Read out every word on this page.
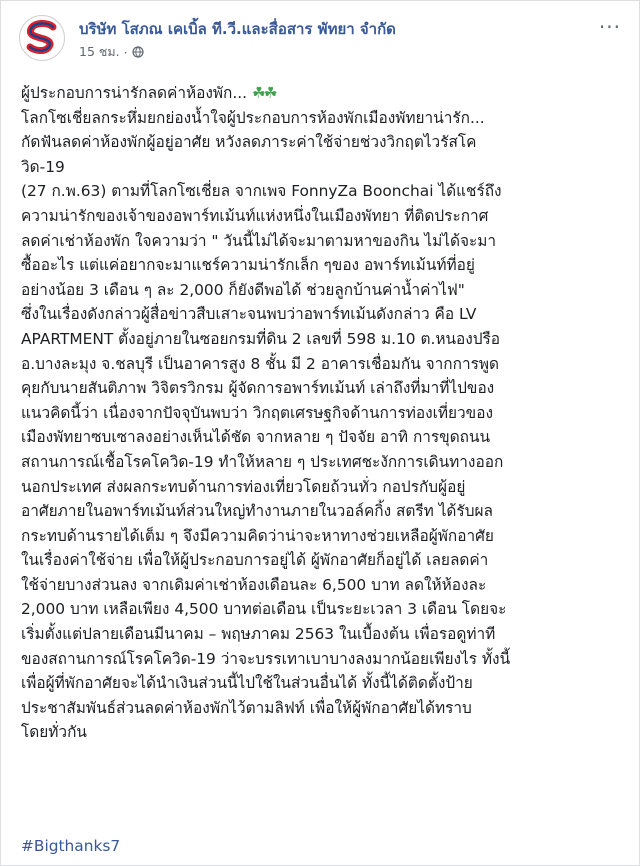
บริษัท โสภณ เคเบิ้ล ที.วี.และสื่อสาร พัทยา จำกัด
15 ชม. ·
···
ผู้ประกอบการน่ารักลดค่าห้องพัก... ☘☘
โลกโซเชี่ยลกระหึ่มยกย่องน้ำใจผู้ประกอบการห้องพักเมืองพัทยาน่ารัก...
กัดฟันลดค่าห้องพักผู้อยู่อาศัย หวังลดภาระค่าใช้จ่ายช่วงวิกฤตไวรัสโค
วิด-19
(27 ก.พ.63) ตามที่โลกโซเชี่ยล จากเพจ FonnyZa Boonchai ได้แชร์ถึง
ความน่ารักของเจ้าของอพาร์ทเม้นท์แห่งหนึ่งในเมืองพัทยา ที่ติดประกาศ
ลดค่าเช่าห้องพัก ใจความว่า " วันนี้ไม่ได้จะมาตามหาของกิน ไม่ได้จะมา
ซื้ออะไร แต่แค่อยากจะมาแชร์ความน่ารักเล็ก ๆของ อพาร์ทเม้นท์ที่อยู่
อย่างน้อย 3 เดือน ๆ ละ 2,000 ก็ยังดีพอได้ ช่วยลูกบ้านค่าน้ำค่าไฟ"
ซึ่งในเรื่องดังกล่าวผู้สื่อข่าวสืบเสาะจนพบว่าอพาร์ทเม้นดังกล่าว คือ LV
APARTMENT ตั้งอยู่ภายในซอยกรมที่ดิน 2 เลขที่ 598 ม.10 ต.หนองปรือ
อ.บางละมุง จ.ชลบุรี เป็นอาคารสูง 8 ชั้น มี 2 อาคารเชื่อมกัน จากการพูด
คุยกับนายสันติภาพ วิจิตรวิกรม ผู้จัดการอพาร์ทเม้นท์ เล่าถึงที่มาที่ไปของ
แนวคิดนี้ว่า เนื่องจากปัจจุบันพบว่า วิกฤตเศรษฐกิจด้านการท่องเที่ยวของ
เมืองพัทยาซบเซาลงอย่างเห็นได้ชัด จากหลาย ๆ ปัจจัย อาทิ การขุดถนน
สถานการณ์เชื้อโรคโควิด-19 ทำให้หลาย ๆ ประเทศชะงักการเดินทางออก
นอกประเทศ ส่งผลกระทบด้านการท่องเที่ยวโดยถ้วนทั่ว กอปรกับผู้อยู่
อาศัยภายในอพาร์ทเม้นท์ส่วนใหญ่ทำงานภายในวอล์คกิ้ง สตรีท ได้รับผล
กระทบด้านรายได้เต็ม ๆ จึงมีความคิดว่าน่าจะหาทางช่วยเหลือผู้พักอาศัย
ในเรื่องค่าใช้จ่าย เพื่อให้ผู้ประกอบการอยู่ได้ ผู้พักอาศัยก็อยู่ได้ เลยลดค่า
ใช้จ่ายบางส่วนลง จากเดิมค่าเช่าห้องเดือนละ 6,500 บาท ลดให้ห้องละ
2,000 บาท เหลือเพียง 4,500 บาทต่อเดือน เป็นระยะเวลา 3 เดือน โดยจะ
เริ่มตั้งแต่ปลายเดือนมีนาคม – พฤษภาคม 2563 ในเบื้องต้น เพื่อรอดูท่าที
ของสถานการณ์โรคโควิด-19 ว่าจะบรรเทาเบาบางลงมากน้อยเพียงไร ทั้งนี้
เพื่อผู้ที่พักอาศัยจะได้นำเงินส่วนนี้ไปใช้ในส่วนอื่นได้ ทั้งนี้ได้ติดตั้งป้าย
ประชาสัมพันธ์ส่วนลดค่าห้องพักไว้ตามลิฟท์ เพื่อให้ผู้พักอาศัยได้ทราบ
โดยทั่วกัน
#Bigthanks7
